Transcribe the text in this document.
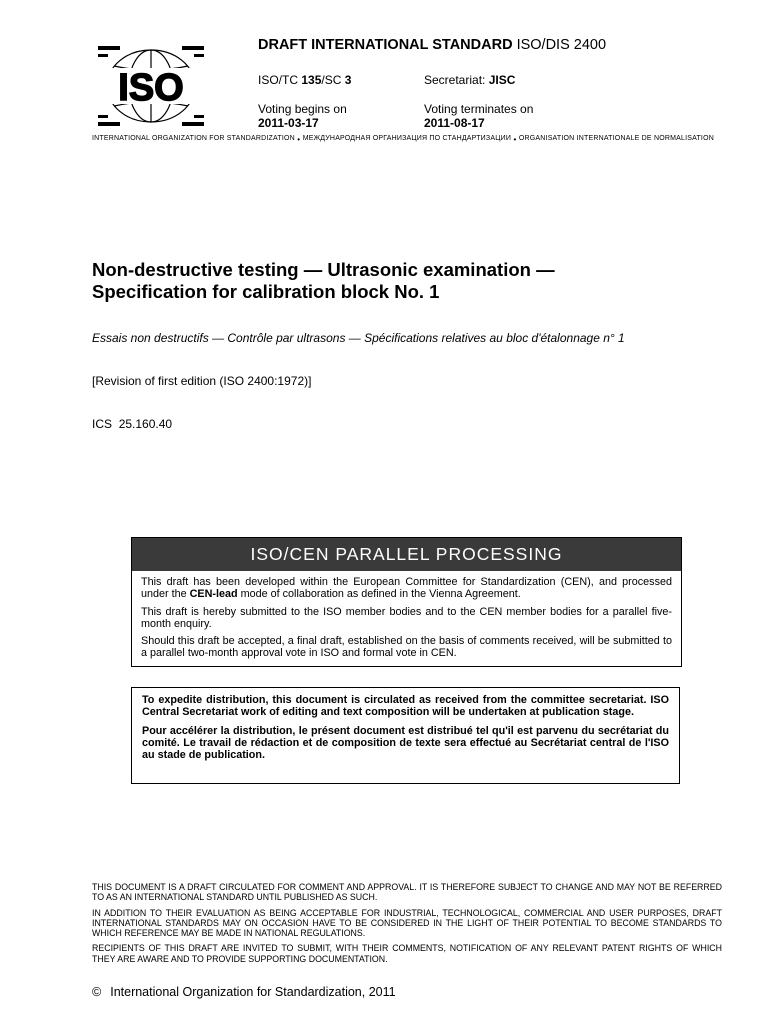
ISO
DRAFT INTERNATIONAL STANDARD ISO/DIS 2400
ISO/TC 135/SC 3	Secretariat: JISC
Voting begins on
2011-03-17
Voting terminates on
2011-08-17
INTERNATIONAL ORGANIZATION FOR STANDARDIZATION • МЕЖДУНАРОДНАЯ ОРГАНИЗАЦИЯ ПО СТАНДАРТИЗАЦИИ • ORGANISATION INTERNATIONALE DE NORMALISATION
Non-destructive testing — Ultrasonic examination —
Specification for calibration block No. 1
Essais non destructifs — Contrôle par ultrasons — Spécifications relatives au bloc d'étalonnage n° 1
[Revision of first edition (ISO 2400:1972)]
ICS 25.160.40
ISO/CEN PARALLEL PROCESSING

This draft has been developed within the European Committee for Standardization (CEN), and processed under the CEN-lead mode of collaboration as defined in the Vienna Agreement.

This draft is hereby submitted to the ISO member bodies and to the CEN member bodies for a parallel five-month enquiry.

Should this draft be accepted, a final draft, established on the basis of comments received, will be submitted to a parallel two-month approval vote in ISO and formal vote in CEN.

To expedite distribution, this document is circulated as received from the committee secretariat. ISO Central Secretariat work of editing and text composition will be undertaken at publication stage.

Pour accélérer la distribution, le présent document est distribué tel qu'il est parvenu du secrétariat du comité. Le travail de rédaction et de composition de texte sera effectué au Secrétariat central de l'ISO au stade de publication.

THIS DOCUMENT IS A DRAFT CIRCULATED FOR COMMENT AND APPROVAL. IT IS THEREFORE SUBJECT TO CHANGE AND MAY NOT BE REFERRED TO AS AN INTERNATIONAL STANDARD UNTIL PUBLISHED AS SUCH.

IN ADDITION TO THEIR EVALUATION AS BEING ACCEPTABLE FOR INDUSTRIAL, TECHNOLOGICAL, COMMERCIAL AND USER PURPOSES, DRAFT INTERNATIONAL STANDARDS MAY ON OCCASION HAVE TO BE CONSIDERED IN THE LIGHT OF THEIR POTENTIAL TO BECOME STANDARDS TO WHICH REFERENCE MAY BE MADE IN NATIONAL REGULATIONS.

RECIPIENTS OF THIS DRAFT ARE INVITED TO SUBMIT, WITH THEIR COMMENTS, NOTIFICATION OF ANY RELEVANT PATENT RIGHTS OF WHICH THEY ARE AWARE AND TO PROVIDE SUPPORTING DOCUMENTATION.

© International Organization for Standardization, 2011
